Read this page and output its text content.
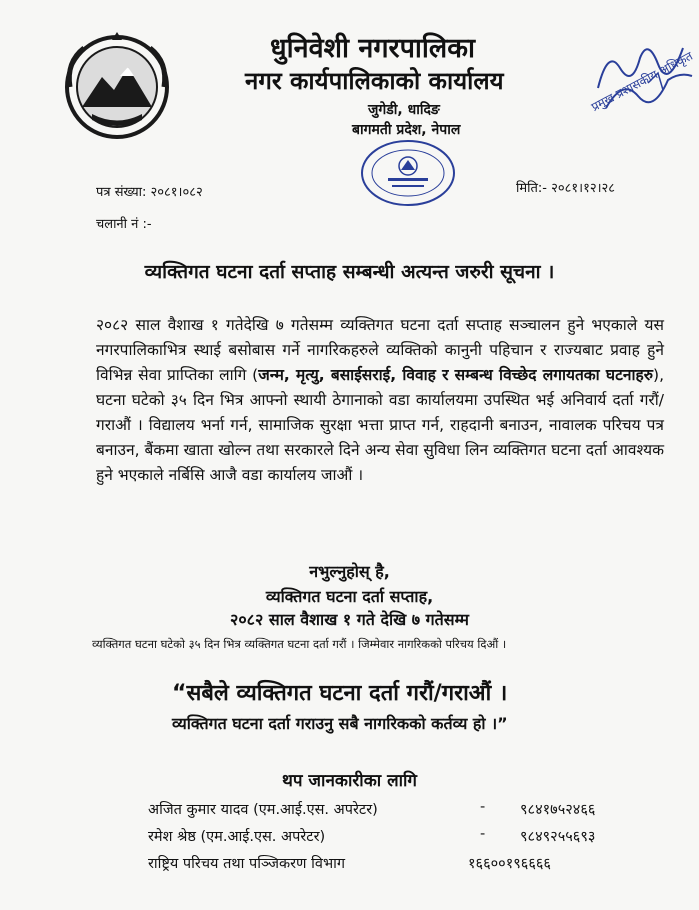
धुनिवेशी नगरपालिका
नगर कार्यपालिकाको कार्यालय
जुगेडी, धादिङ
बागमती प्रदेश, नेपाल
प्रमुख प्रशासकीय अधिकृत
पत्र संख्या: २०८१।०८२	मिति:- २०८१।१२।२८
चलानी नं :-
व्यक्तिगत घटना दर्ता सप्ताह सम्बन्धी अत्यन्त जरुरी सूचना ।
२०८२ साल वैशाख १ गतेदेखि ७ गतेसम्म व्यक्तिगत घटना दर्ता सप्ताह सञ्चालन हुने भएकाले यस नगरपालिकाभित्र स्थाई बसोबास गर्ने नागरिकहरुले व्यक्तिको कानुनी पहिचान र राज्यबाट प्रवाह हुने विभिन्न सेवा प्राप्तिका लागि (जन्म, मृत्यु, बसाईसराई, विवाह र सम्बन्ध विच्छेद लगायतका घटनाहरु), घटना घटेको ३५ दिन भित्र आफ्नो स्थायी ठेगानाको वडा कार्यालयमा उपस्थित भई अनिवार्य दर्ता गरौं/गराऔं । विद्यालय भर्ना गर्न, सामाजिक सुरक्षा भत्ता प्राप्त गर्न, राहदानी बनाउन, नावालक परिचय पत्र बनाउन, बैंकमा खाता खोल्न तथा सरकारले दिने अन्य सेवा सुविधा लिन व्यक्तिगत घटना दर्ता आवश्यक हुने भएकाले नर्बिसि आजै वडा कार्यालय जाऔं ।
नभुल्नुहोस् है,
व्यक्तिगत घटना दर्ता सप्ताह,
२०८२ साल वैशाख १ गते देखि ७ गतेसम्म
व्यक्तिगत घटना घटेको ३५ दिन भित्र व्यक्तिगत घटना दर्ता गरौं । जिम्मेवार नागरिकको परिचय दिऔं ।
“सबैले व्यक्तिगत घटना दर्ता गरौं/गराऔं ।
व्यक्तिगत घटना दर्ता गराउनु सबै नागरिकको कर्तव्य हो ।”
थप जानकारीका लागि
अजित कुमार यादव (एम.आई.एस. अपरेटर)	- ९८४१७५२४६६
रमेश श्रेष्ठ (एम.आई.एस. अपरेटर)	- ९८४९२५५६९३
राष्ट्रिय परिचय तथा पञ्जिकरण विभाग	१६६००१९६६६६
